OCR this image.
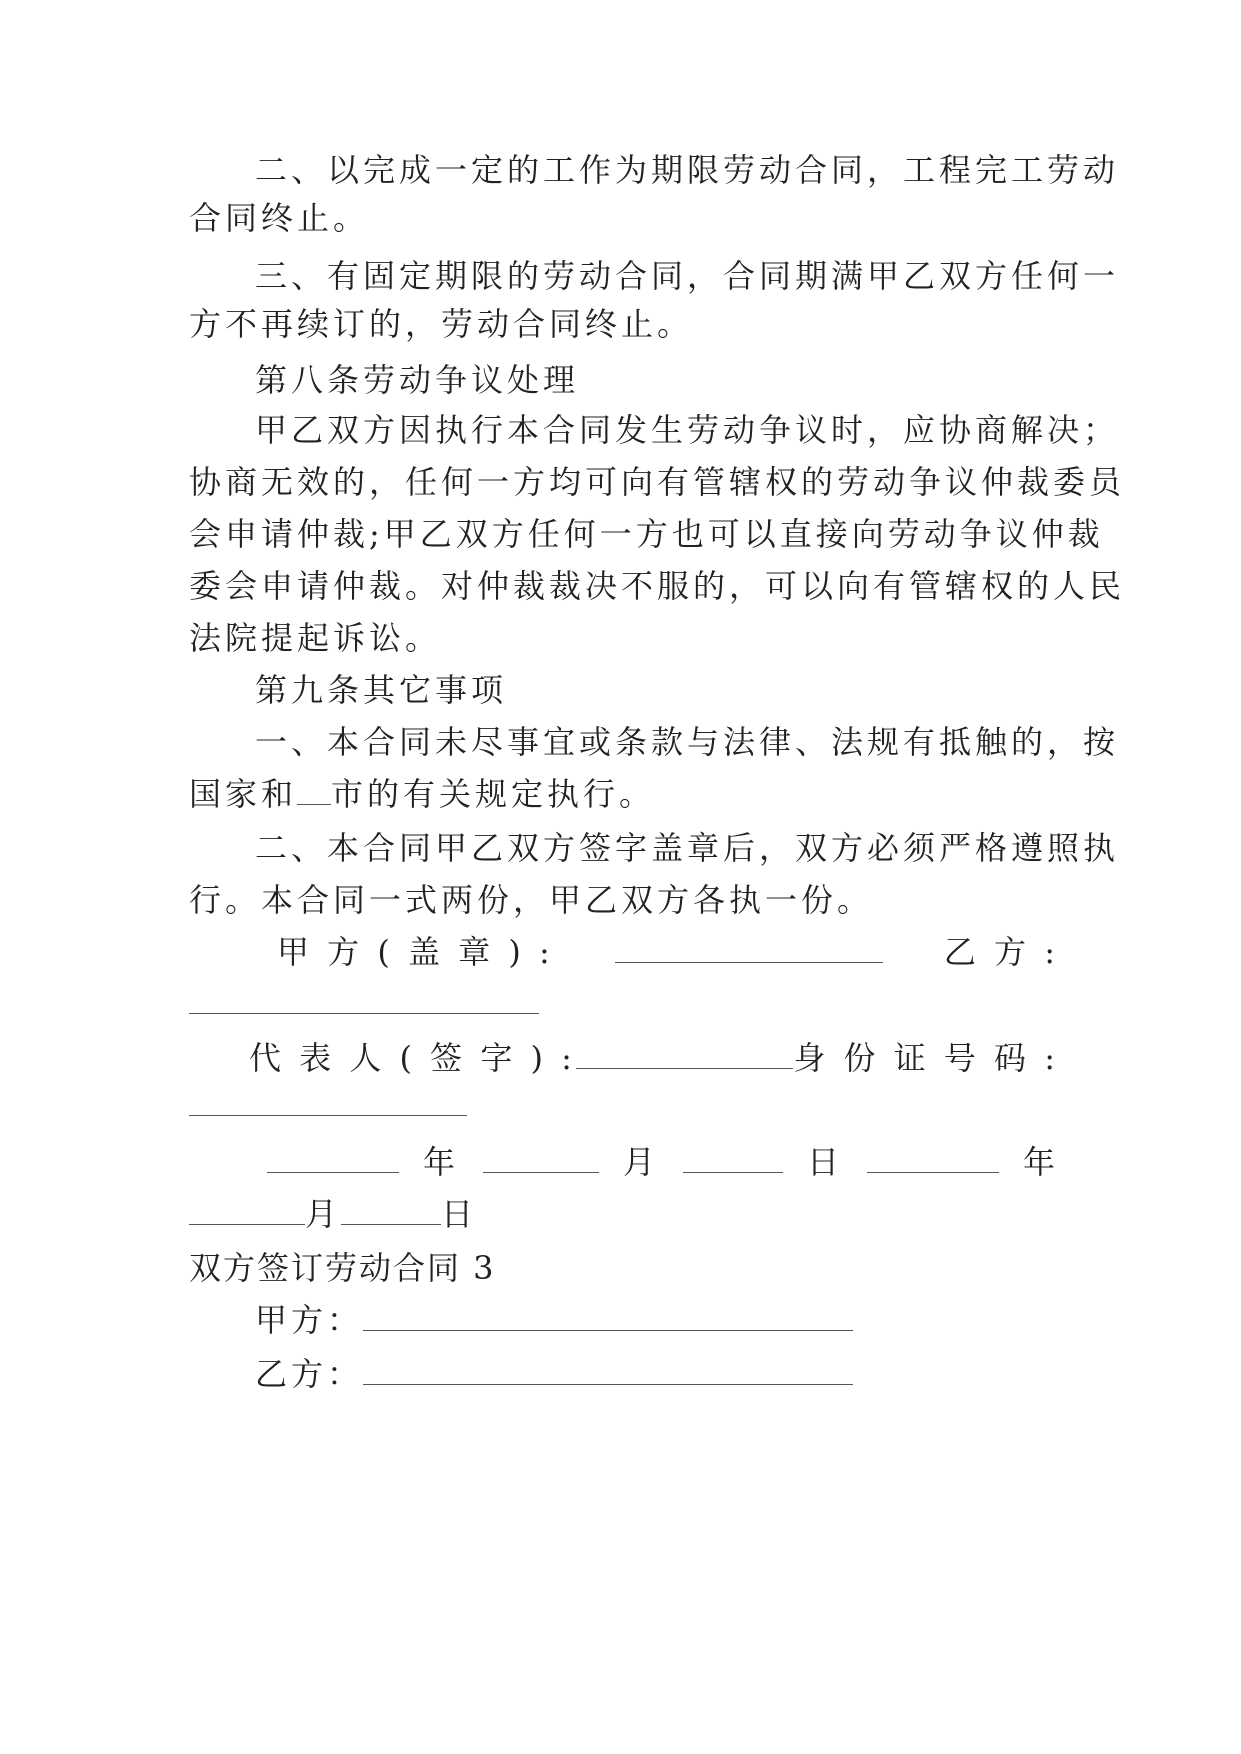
二、以完成一定的工作为期限劳动合同，工程完工劳动
合同终止。
三、有固定期限的劳动合同，合同期满甲乙双方任何一
方不再续订的，劳动合同终止。
第八条劳动争议处理
甲乙双方因执行本合同发生劳动争议时，应协商解决；
协商无效的，任何一方均可向有管辖权的劳动争议仲裁委员
会申请仲裁;甲乙双方任何一方也可以直接向劳动争议仲裁
委会申请仲裁。对仲裁裁决不服的，可以向有管辖权的人民
法院提起诉讼。
第九条其它事项
一、本合同未尽事宜或条款与法律、法规有抵触的，按
国家和 市的有关规定执行。
二、本合同甲乙双方签字盖章后，双方必须严格遵照执
行。本合同一式两份，甲乙双方各执一份。
甲 方 ( 盖 章 ) :	乙 方 :
代 表 人 ( 签 字 ) :	身 份 证 号 码 :
年	月	日	年
月	日
双方签订劳动合同 3
甲方：
乙方：
